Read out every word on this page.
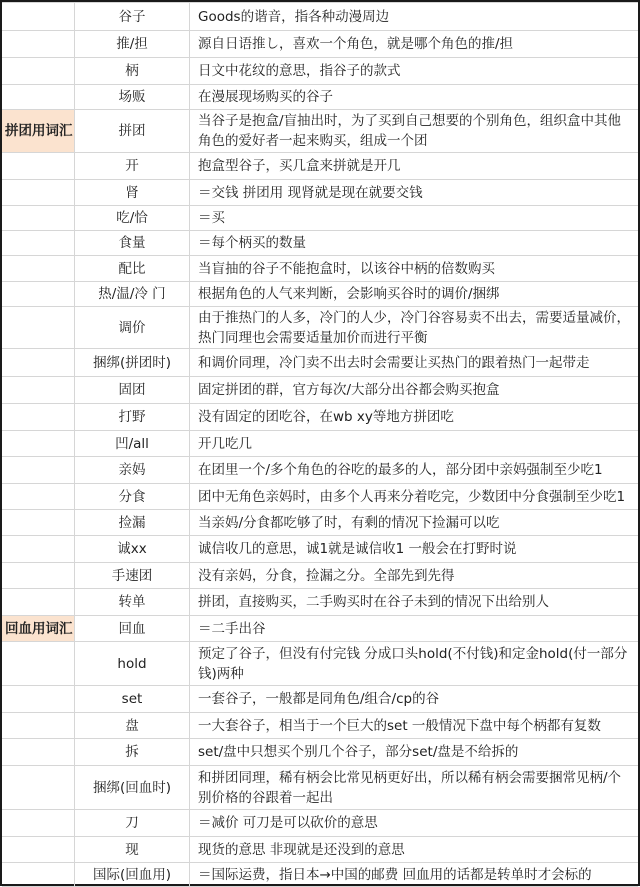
	谷子	Goods的谐音，指各种动漫周边
	推/担	源自日语推し，喜欢一个角色，就是哪个角色的推/担
	柄	日文中花纹的意思，指谷子的款式
	场贩	在漫展现场购买的谷子
拼团用词汇	拼团	当谷子是抱盒/盲抽出时，为了买到自己想要的个别角色，组织盒中其他角色的爱好者一起来购买，组成一个团
	开	抱盒型谷子，买几盒来拼就是开几
	肾	＝交钱 拼团用 现肾就是现在就要交钱
	吃/恰	＝买
	食量	＝每个柄买的数量
	配比	当盲抽的谷子不能抱盒时，以该谷中柄的倍数购买
	热/温/冷 门	根据角色的人气来判断，会影响买谷时的调价/捆绑
	调价	由于推热门的人多，冷门的人少，冷门谷容易卖不出去，需要适量减价，热门同理也会需要适量加价而进行平衡
	捆绑(拼团时)	和调价同理，冷门卖不出去时会需要让买热门的跟着热门一起带走
	固团	固定拼团的群，官方每次/大部分出谷都会购买抱盒
	打野	没有固定的团吃谷，在wb xy等地方拼团吃
	凹/all	开几吃几
	亲妈	在团里一个/多个角色的谷吃的最多的人，部分团中亲妈强制至少吃1
	分食	团中无角色亲妈时，由多个人再来分着吃完，少数团中分食强制至少吃1
	捡漏	当亲妈/分食都吃够了时，有剩的情况下捡漏可以吃
	诚xx	诚信收几的意思，诚1就是诚信收1 一般会在打野时说
	手速团	没有亲妈，分食，捡漏之分。全部先到先得
	转单	拼团，直接购买，二手购买时在谷子未到的情况下出给别人
回血用词汇	回血	＝二手出谷
	hold	预定了谷子，但没有付完钱 分成口头hold(不付钱)和定金hold(付一部分钱)两种
	set	一套谷子，一般都是同角色/组合/cp的谷
	盘	一大套谷子，相当于一个巨大的set 一般情况下盘中每个柄都有复数
	拆	set/盘中只想买个别几个谷子，部分set/盘是不给拆的
	捆绑(回血时)	和拼团同理，稀有柄会比常见柄更好出，所以稀有柄会需要捆常见柄/个别价格的谷跟着一起出
	刀	＝减价 可刀是可以砍价的意思
	现	现货的意思 非现就是还没到的意思
	国际(回血用)	＝国际运费，指日本→中国的邮费 回血用的话都是转单时才会标的
